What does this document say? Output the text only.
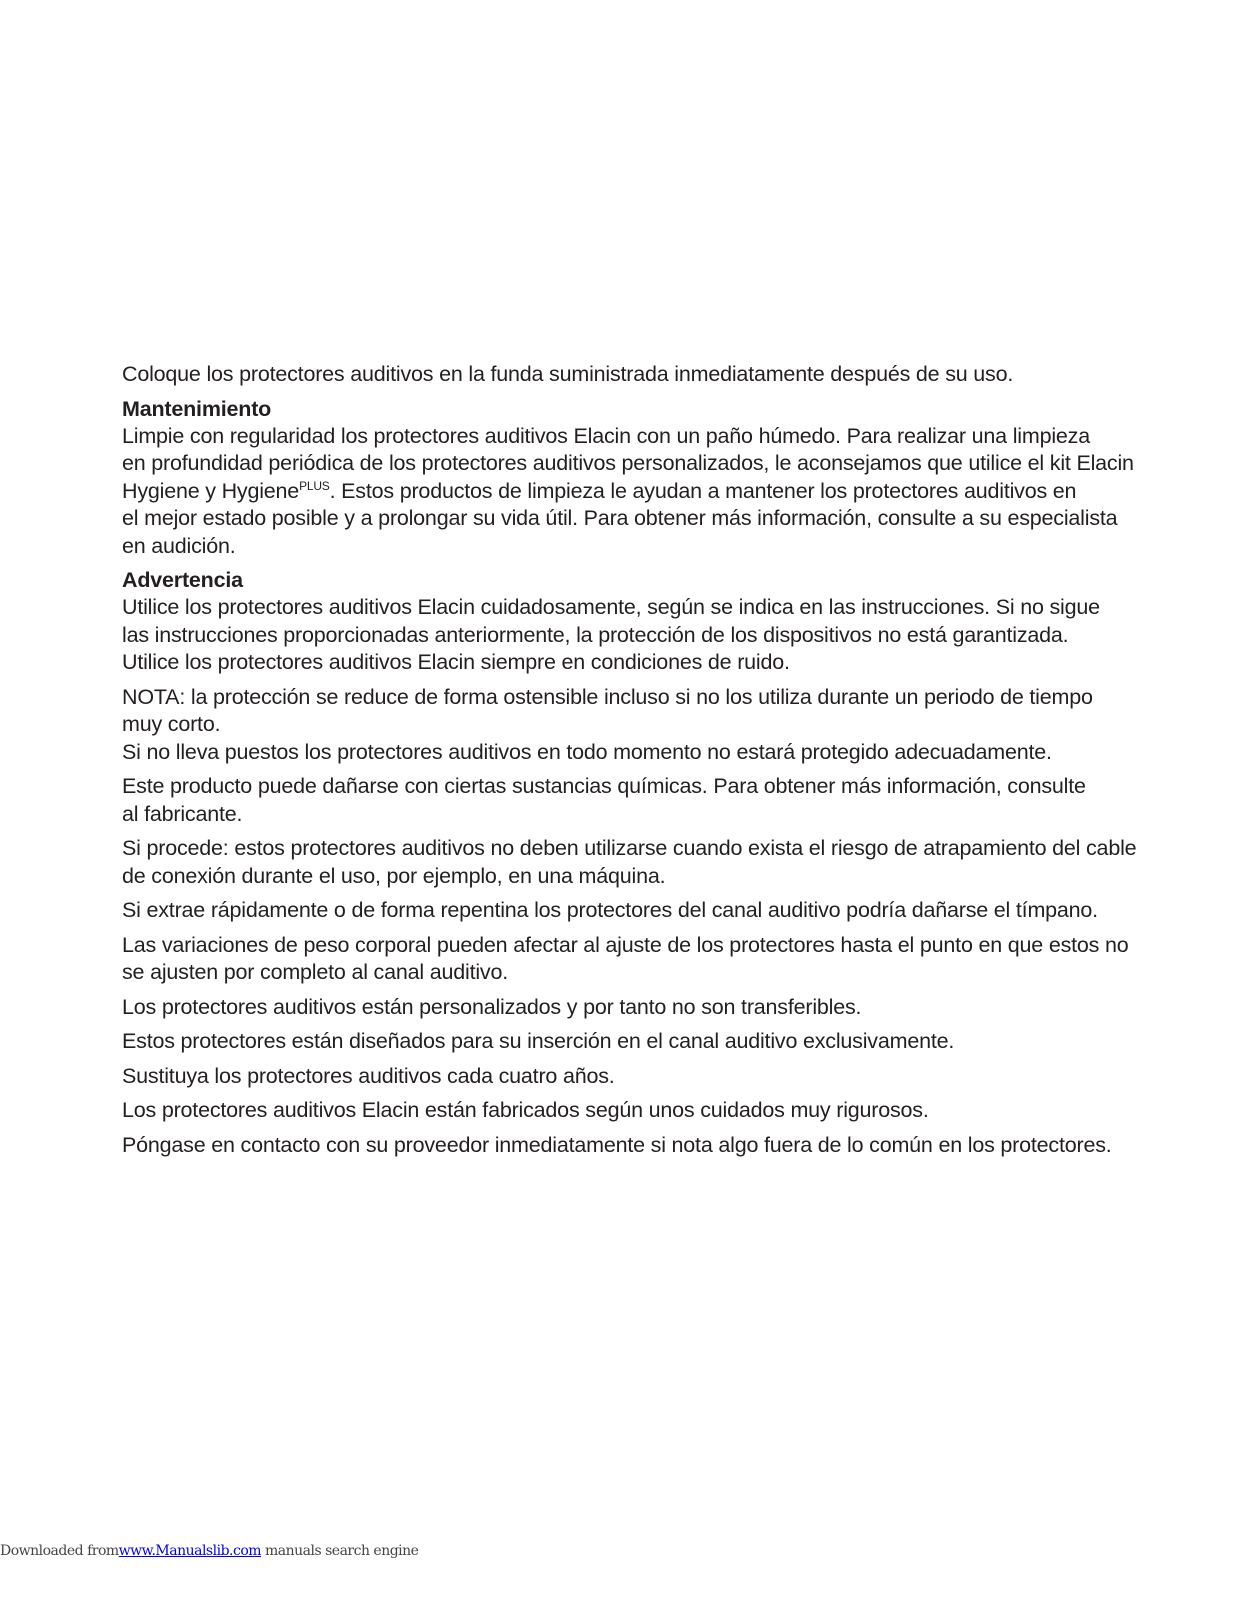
Coloque los protectores auditivos en la funda suministrada inmediatamente después de su uso.

Mantenimiento

Limpie con regularidad los protectores auditivos Elacin con un paño húmedo. Para realizar una limpieza
en profundidad periódica de los protectores auditivos personalizados, le aconsejamos que utilice el kit Elacin
Hygiene y Hygiene$^{PLUS}$. Estos productos de limpieza le ayudan a mantener los protectores auditivos en
el mejor estado posible y a prolongar su vida útil. Para obtener más información, consulte a su especialista
en audición.

Advertencia

Utilice los protectores auditivos Elacin cuidadosamente, según se indica en las instrucciones. Si no sigue
las instrucciones proporcionadas anteriormente, la protección de los dispositivos no está garantizada.
Utilice los protectores auditivos Elacin siempre en condiciones de ruido.

NOTA: la protección se reduce de forma ostensible incluso si no los utiliza durante un periodo de tiempo
muy corto.

Si no lleva puestos los protectores auditivos en todo momento no estará protegido adecuadamente.

Este producto puede dañarse con ciertas sustancias químicas. Para obtener más información, consulte
al fabricante.

Si procede: estos protectores auditivos no deben utilizarse cuando exista el riesgo de atrapamiento del cable
de conexión durante el uso, por ejemplo, en una máquina.

Si extrae rápidamente o de forma repentina los protectores del canal auditivo podría dañarse el tímpano.

Las variaciones de peso corporal pueden afectar al ajuste de los protectores hasta el punto en que estos no
se ajusten por completo al canal auditivo.

Los protectores auditivos están personalizados y por tanto no son transferibles.

Estos protectores están diseñados para su inserción en el canal auditivo exclusivamente.

Sustituya los protectores auditivos cada cuatro años.

Los protectores auditivos Elacin están fabricados según unos cuidados muy rigurosos.

Póngase en contacto con su proveedor inmediatamente si nota algo fuera de lo común en los protectores.

Downloaded fromwww.Manualslib.com manuals search engine
